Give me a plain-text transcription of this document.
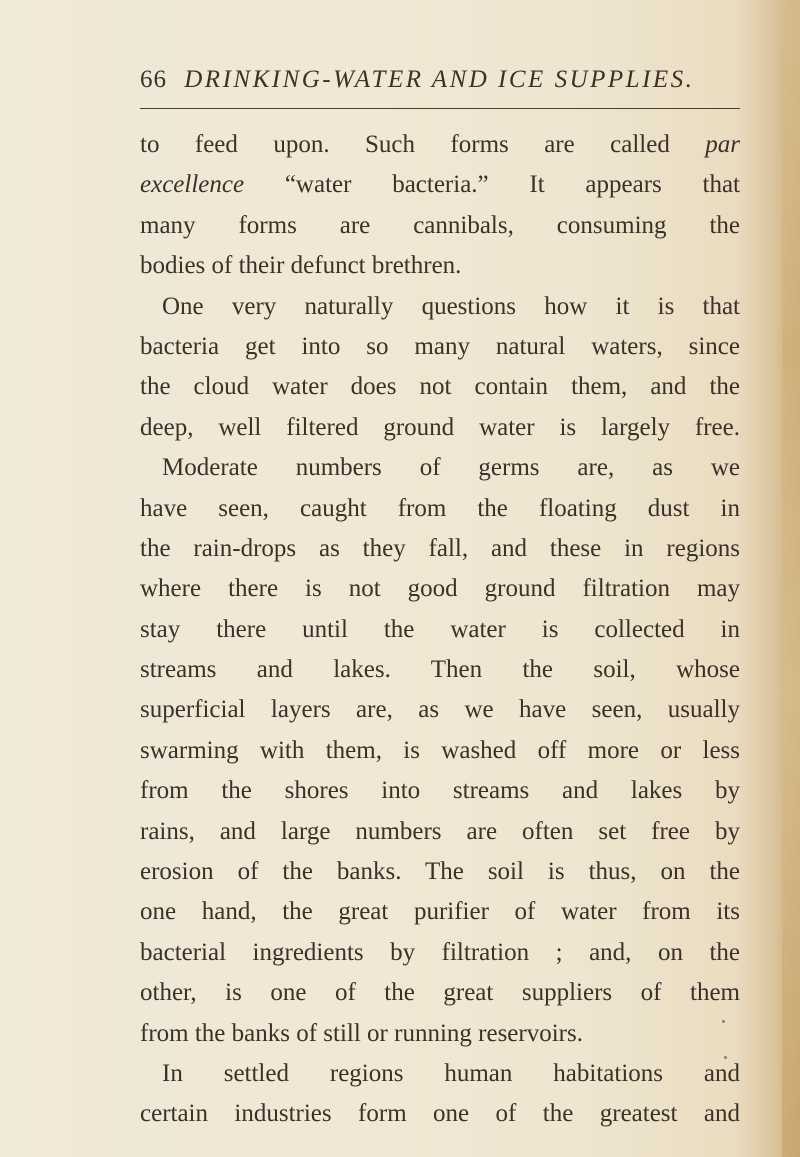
66 DRINKING-WATER AND ICE SUPPLIES.
to feed upon. Such forms are called par
excellence “water bacteria.” It appears that
many forms are cannibals, consuming the
bodies of their defunct brethren.
One very naturally questions how it is that
bacteria get into so many natural waters, since
the cloud water does not contain them, and the
deep, well filtered ground water is largely free.
Moderate numbers of germs are, as we
have seen, caught from the floating dust in
the rain-drops as they fall, and these in regions
where there is not good ground filtration may
stay there until the water is collected in
streams and lakes. Then the soil, whose
superficial layers are, as we have seen, usually
swarming with them, is washed off more or less
from the shores into streams and lakes by
rains, and large numbers are often set free by
erosion of the banks. The soil is thus, on the
one hand, the great purifier of water from its
bacterial ingredients by filtration ; and, on the
other, is one of the great suppliers of them
from the banks of still or running reservoirs.
In settled regions human habitations and
certain industries form one of the greatest and
